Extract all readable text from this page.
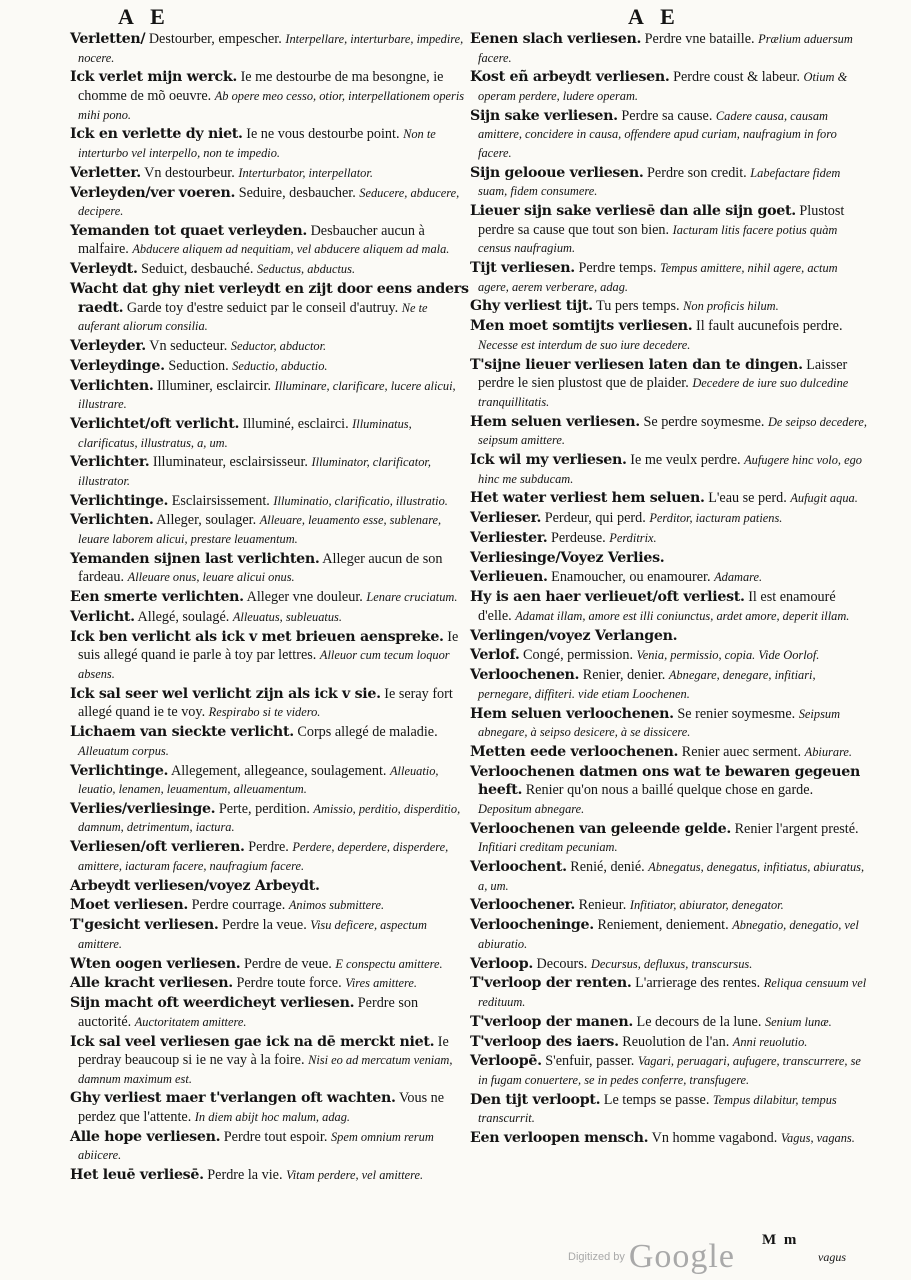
A E	A E

Verletten/ Destourber, empescher. Interpellare, interturbare, impedire, nocere.

Ick verlet mijn werck. Ie me destourbe de ma besongne, ie chomme de mõ oeuvre. Ab opere meo cesso, otior, interpellationem operis mihi pono.

Ick en verlette dy niet. Ie ne vous destourbe point. Non te interturbo vel interpello, non te impedio.

Verletter. Vn destourbeur. Interturbator, interpellator.

Verleyden/ver voeren. Seduire, desbaucher. Seducere, abducere, decipere.

Yemanden tot quaet verleyden. Desbaucher aucun à malfaire. Abducere aliquem ad nequitiam, vel abducere aliquem ad mala.

Verleydt. Seduict, desbauché. Seductus, abductus.

Wacht dat ghy niet verleydt en zijt door eens anders raedt. Garde toy d'estre seduict par le conseil d'autruy. Ne te auferant aliorum consilia.

Verleyder. Vn seducteur. Seductor, abductor.

Verleydinge. Seduction. Seductio, abductio.

Verlichten. Illuminer, esclaircir. Illuminare, clarificare, lucere alicui, illustrare.

Verlichtet/oft verlicht. Illuminé, esclairci. Illuminatus, clarificatus, illustratus, a, um.

Verlichter. Illuminateur, esclairsisseur. Illuminator, clarificator, illustrator.

Verlichtinge. Esclairsissement. Illuminatio, clarificatio, illustratio.

Verlichten. Alleger, soulager. Alleuare, leuamento esse, sublenare, leuare laborem alicui, prestare leuamentum.

Yemanden sijnen last verlichten. Alleger aucun de son fardeau. Alleuare onus, leuare alicui onus.

Een smerte verlichten. Alleger vne douleur. Lenare cruciatum.

Verlicht. Allegé, soulagé. Alleuatus, subleuatus.

Ick ben verlicht als ick v met brieuen aenspreke. Ie suis allegé quand ie parle à toy par lettres. Alleuor cum tecum loquor absens.

Ick sal seer wel verlicht zijn als ick v sie. Ie seray fort allegé quand ie te voy. Respirabo si te videro.

Lichaem van sieckte verlicht. Corps allegé de maladie. Alleuatum corpus.

Verlichtinge. Allegement, allegeance, soulagement. Alleuatio, leuatio, lenamen, leuamentum, alleuamentum.

Verlies/verliesinge. Perte, perdition. Amissio, perditio, disperditio, damnum, detrimentum, iactura.

Verliesen/oft verlieren. Perdre. Perdere, deperdere, disperdere, amittere, iacturam facere, naufragium facere.

Arbeydt verliesen/voyez Arbeydt.

Moet verliesen. Perdre courrage. Animos submittere.

T'gesicht verliesen. Perdre la veue. Visu deficere, aspectum amittere.

Wten oogen verliesen. Perdre de veue. E conspectu amittere.

Alle kracht verliesen. Perdre toute force. Vires amittere.

Sijn macht oft weerdicheyt verliesen. Perdre son auctorité. Auctoritatem amittere.

Ick sal veel verliesen gae ick na dē merckt niet. Ie perdray beaucoup si ie ne vay à la foire. Nisi eo ad mercatum veniam, damnum maximum est.

Ghy verliest maer t'verlangen oft wachten. Vous ne perdez que l'attente. In diem abijt hoc malum, adag.

Alle hope verliesen. Perdre tout espoir. Spem omnium rerum abiicere.

Het leuē verliesē. Perdre la vie. Vitam perdere, vel amittere.

Eenen slach verliesen. Perdre vne bataille. Prælium aduersum facere.

Kost eñ arbeydt verliesen. Perdre coust & labeur. Otium & operam perdere, ludere operam.

Sijn sake verliesen. Perdre sa cause. Cadere causa, causam amittere, concidere in causa, offendere apud curiam, naufragium in foro facere.

Sijn gelooue verliesen. Perdre son credit. Labefactare fidem suam, fidem consumere.

Lieuer sijn sake verliesē dan alle sijn goet. Plustost perdre sa cause que tout son bien. Iacturam litis facere potius quàm census naufragium.

Tijt verliesen. Perdre temps. Tempus amittere, nihil agere, actum agere, aerem verberare, adag.

Ghy verliest tijt. Tu pers temps. Non proficis hilum.

Men moet somtijts verliesen. Il fault aucunefois perdre. Necesse est interdum de suo iure decedere.

T'sijne lieuer verliesen laten dan te dingen. Laisser perdre le sien plustost que de plaider. Decedere de iure suo dulcedine tranquillitatis.

Hem seluen verliesen. Se perdre soymesme. De seipso decedere, seipsum amittere.

Ick wil my verliesen. Ie me veulx perdre. Aufugere hinc volo, ego hinc me subducam.

Het water verliest hem seluen. L'eau se perd. Aufugit aqua.

Verlieser. Perdeur, qui perd. Perditor, iacturam patiens.

Verliester. Perdeuse. Perditrix.

Verliesinge/Voyez Verlies.

Verlieuen. Enamoucher, ou enamourer. Adamare.

Hy is aen haer verlieuet/oft verliest. Il est enamouré d'elle. Adamat illam, amore est illi coniunctus, ardet amore, deperit illam.

Verlingen/voyez Verlangen.

Verlof. Congé, permission. Venia, permissio, copia. Vide Oorlof.

Verloochenen. Renier, denier. Abnegare, denegare, infitiari, pernegare, diffiteri. vide etiam Loochenen.

Hem seluen verloochenen. Se renier soymesme. Seipsum abnegare, à seipso desicere, à se dissicere.

Metten eede verloochenen. Renier auec serment. Abiurare.

Verloochenen datmen ons wat te bewaren gegeuen heeft. Renier qu'on nous a baillé quelque chose en garde. Depositum abnegare.

Verloochenen van geleende gelde. Renier l'argent presté. Infitiari creditam pecuniam.

Verloochent. Renié, denié. Abnegatus, denegatus, infitiatus, abiuratus, a, um.

Verloochener. Renieur. Infitiator, abiurator, denegator.

Verloocheninge. Reniement, deniement. Abnegatio, denegatio, vel abiuratio.

Verloop. Decours. Decursus, defluxus, transcursus.

T'verloop der renten. L'arrierage des rentes. Reliqua censuum vel redituum.

T'verloop der manen. Le decours de la lune. Senium lunæ.

T'verloop des iaers. Reuolution de l'an. Anni reuolutio.

Verloopē. S'enfuir, passer. Vagari, peruagari, aufugere, transcurrere, se in fugam conuertere, se in pedes conferre, transfugere.

Den tijt verloopt. Le temps se passe. Tempus dilabitur, tempus transcurrit.

Een verloopen mensch. Vn homme vagabond. Vagus, vagans.

Digitized by Google M m
vagus
